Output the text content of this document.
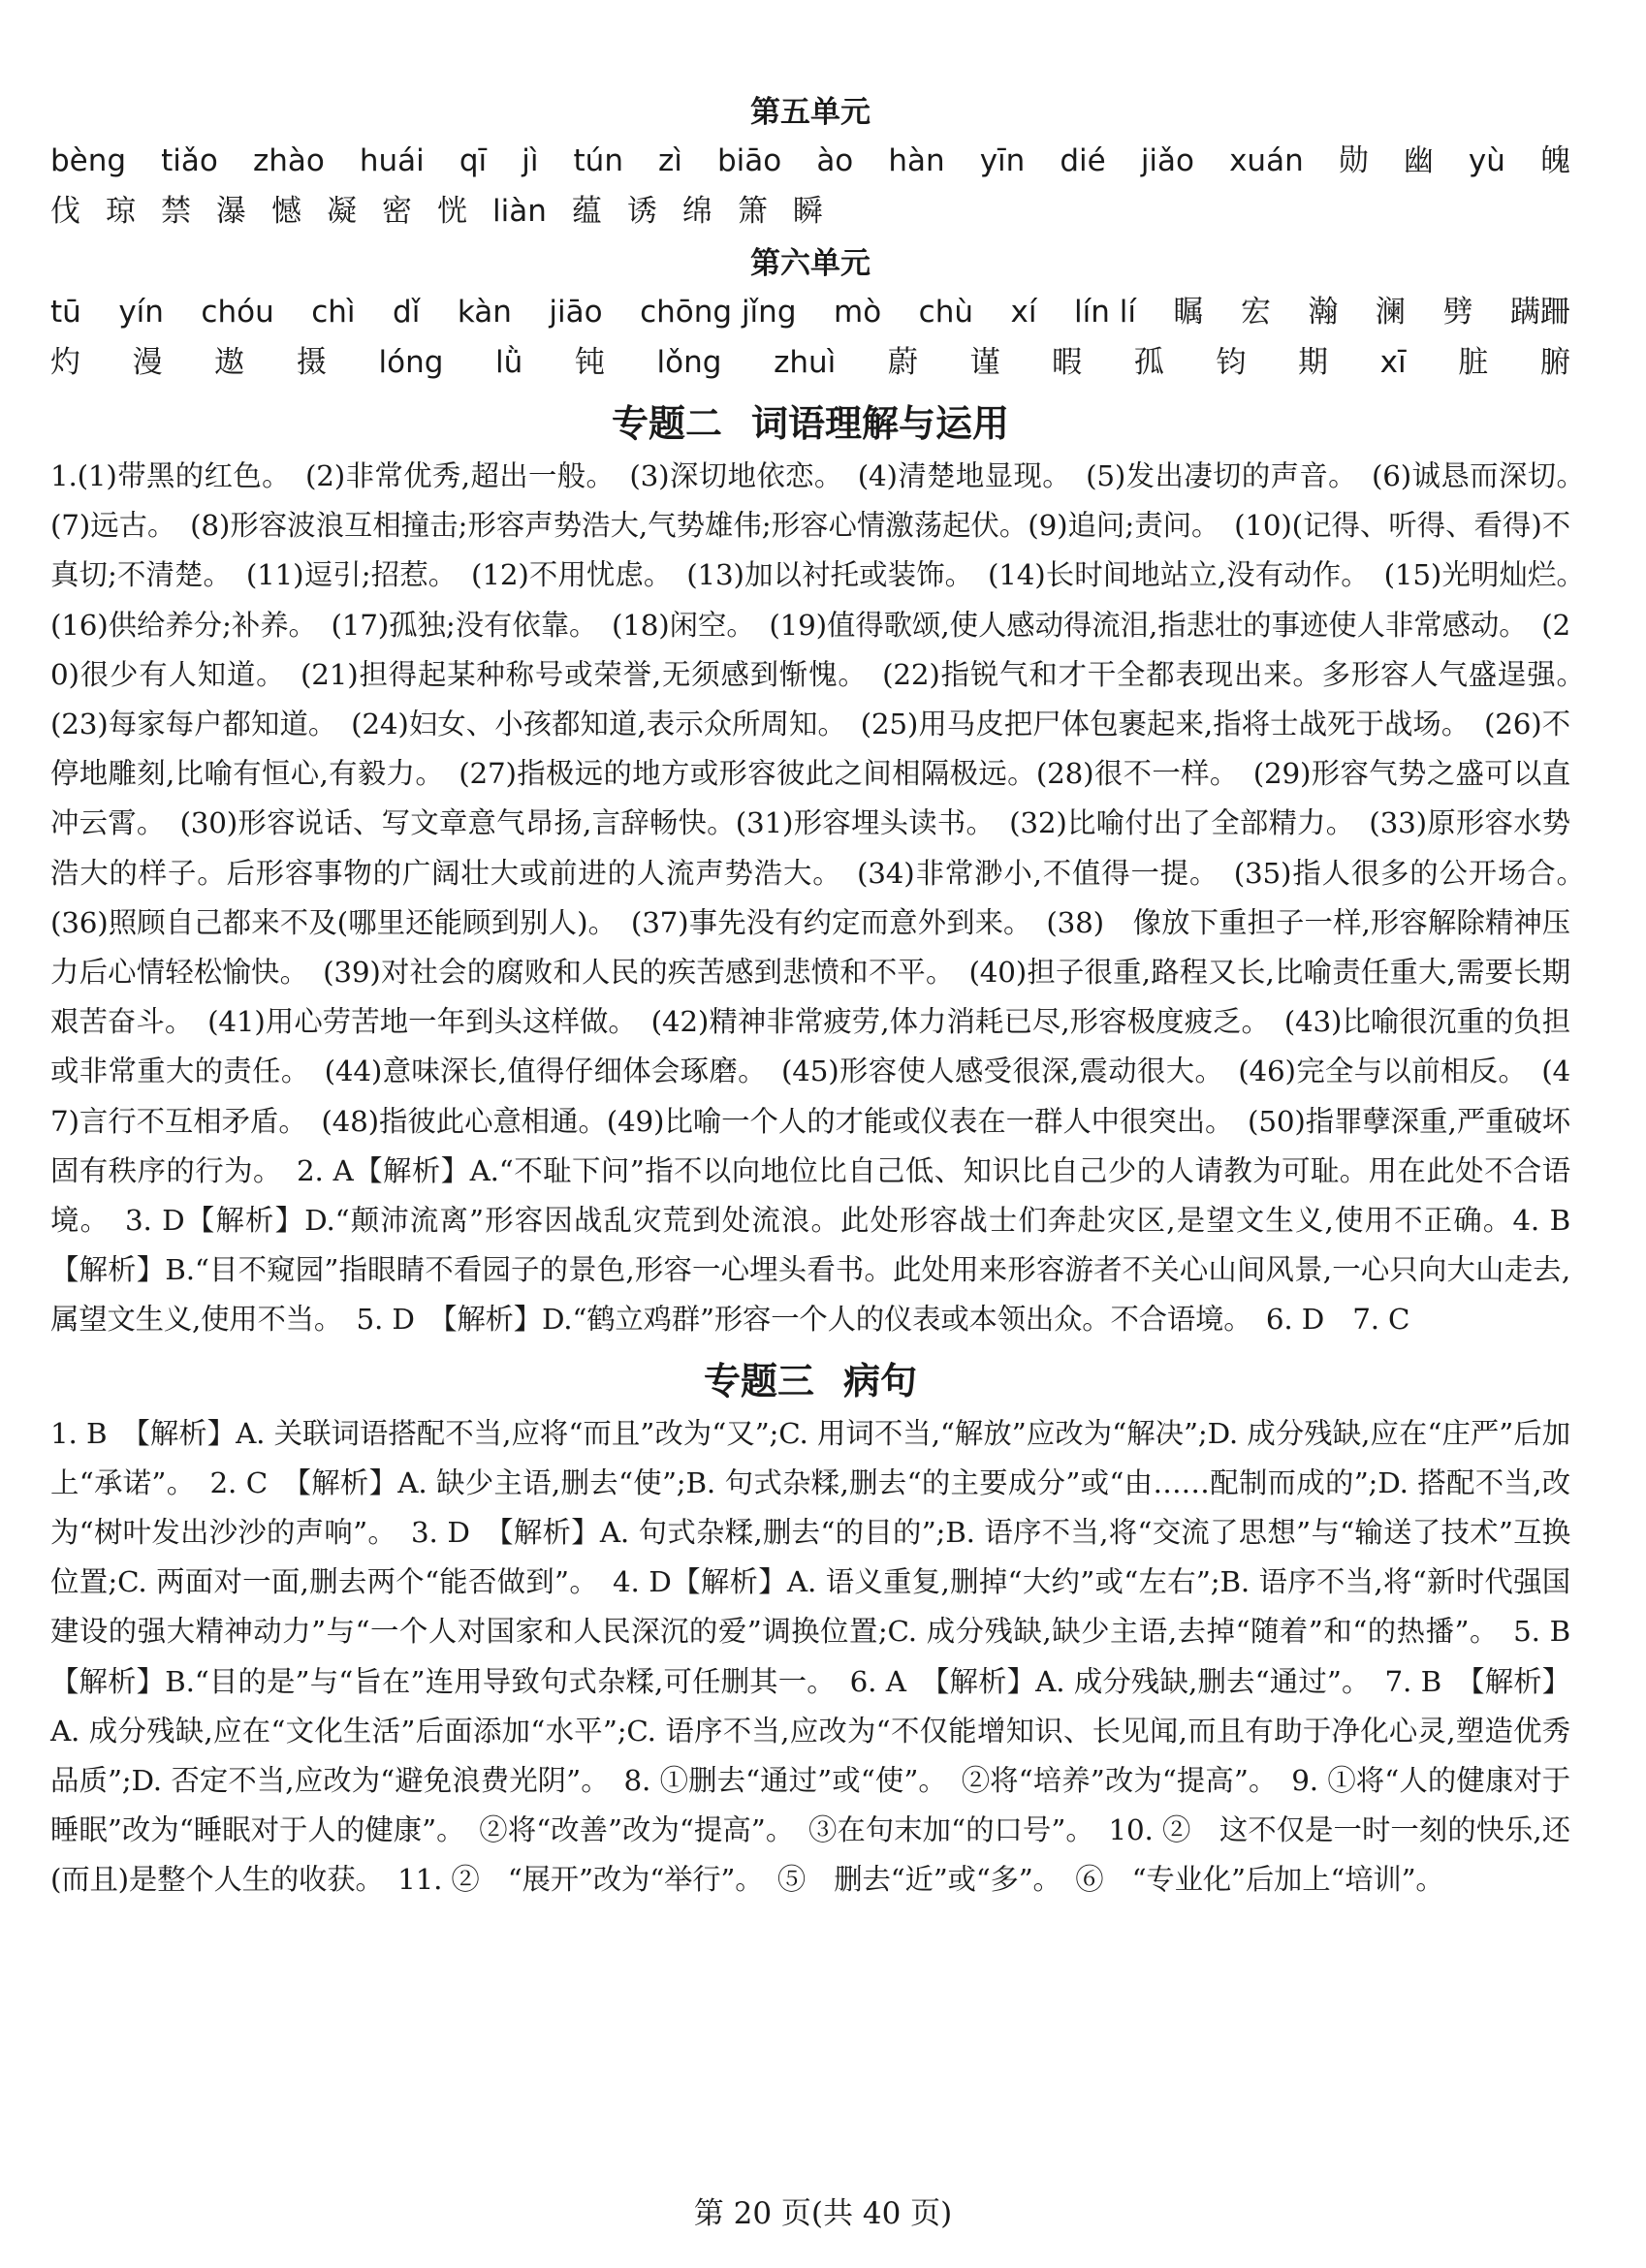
第五单元
bèng tiǎo zhào huái qī jì tún zì biāo ào hàn yīn dié jiǎo xuán 勋 幽 yù 魄
伐 琼 禁 瀑 憾 凝 密 恍 liàn 蕴 诱 绵 箫 瞬
第六单元
tū yín chóu chì dǐ kàn jiāo chōng jǐng mò chù xí lín lí 瞩 宏 瀚 澜 劈 蹒跚
灼 漫 遨 摄 lóng lǜ 钝 lǒng zhuì 蔚 谨 暇 孤 钧 期 xī 脏 腑
专题二 词语理解与运用
1.(1)带黑的红色。　(2)非常优秀,超出一般。　(3)深切地依恋。　(4)清楚地显现。　(5)发出凄切的声音。　(6)诚恳而深切。　(7)远古。　(8)形容波浪互相撞击;形容声势浩大,气势雄伟;形容心情激荡起伏。(9)追问;责问。　(10)(记得、听得、看得)不真切;不清楚。　(11)逗引;招惹。　(12)不用忧虑。　(13)加以衬托或装饰。　(14)长时间地站立,没有动作。　(15)光明灿烂。　(16)供给养分;补养。　(17)孤独;没有依靠。　(18)闲空。　(19)值得歌颂,使人感动得流泪,指悲壮的事迹使人非常感动。　(20)很少有人知道。　(21)担得起某种称号或荣誉,无须感到惭愧。　(22)指锐气和才干全都表现出来。多形容人气盛逞强。　(23)每家每户都知道。　(24)妇女、小孩都知道,表示众所周知。　(25)用马皮把尸体包裹起来,指将士战死于战场。　(26)不停地雕刻,比喻有恒心,有毅力。　(27)指极远的地方或形容彼此之间相隔极远。(28)很不一样。　(29)形容气势之盛可以直冲云霄。　(30)形容说话、写文章意气昂扬,言辞畅快。(31)形容埋头读书。　(32)比喻付出了全部精力。　(33)原形容水势浩大的样子。后形容事物的广阔壮大或前进的人流声势浩大。　(34)非常渺小,不值得一提。　(35)指人很多的公开场合。　(36)照顾自己都来不及(哪里还能顾到别人)。　(37)事先没有约定而意外到来。　(38)　像放下重担子一样,形容解除精神压力后心情轻松愉快。　(39)对社会的腐败和人民的疾苦感到悲愤和不平。　(40)担子很重,路程又长,比喻责任重大,需要长期艰苦奋斗。　(41)用心劳苦地一年到头这样做。　(42)精神非常疲劳,体力消耗已尽,形容极度疲乏。　(43)比喻很沉重的负担或非常重大的责任。　(44)意味深长,值得仔细体会琢磨。　(45)形容使人感受很深,震动很大。　(46)完全与以前相反。　(47)言行不互相矛盾。　(48)指彼此心意相通。(49)比喻一个人的才能或仪表在一群人中很突出。　(50)指罪孽深重,严重破坏固有秩序的行为。　2. A【解析】A.“不耻下问”指不以向地位比自己低、知识比自己少的人请教为可耻。用在此处不合语境。　3. D【解析】D.“颠沛流离”形容因战乱灾荒到处流浪。此处形容战士们奔赴灾区,是望文生义,使用不正确。4. B　【解析】B.“目不窥园”指眼睛不看园子的景色,形容一心埋头看书。此处用来形容游者不关心山间风景,一心只向大山走去,属望文生义,使用不当。　5. D　【解析】D.“鹤立鸡群”形容一个人的仪表或本领出众。不合语境。　6. D　7. C
专题三 病句
1. B　【解析】A. 关联词语搭配不当,应将“而且”改为“又”;C. 用词不当,“解放”应改为“解决”;D. 成分残缺,应在“庄严”后加上“承诺”。　2. C　【解析】A. 缺少主语,删去“使”;B. 句式杂糅,删去“的主要成分”或“由……配制而成的”;D. 搭配不当,改为“树叶发出沙沙的声响”。　3. D　【解析】A. 句式杂糅,删去“的目的”;B. 语序不当,将“交流了思想”与“输送了技术”互换位置;C. 两面对一面,删去两个“能否做到”。　4. D【解析】A. 语义重复,删掉“大约”或“左右”;B. 语序不当,将“新时代强国建设的强大精神动力”与“一个人对国家和人民深沉的爱”调换位置;C. 成分残缺,缺少主语,去掉“随着”和“的热播”。　5. B　【解析】B.“目的是”与“旨在”连用导致句式杂糅,可任删其一。　6. A　【解析】A. 成分残缺,删去“通过”。　7. B　【解析】A. 成分残缺,应在“文化生活”后面添加“水平”;C. 语序不当,应改为“不仅能增知识、长见闻,而且有助于净化心灵,塑造优秀品质”;D. 否定不当,应改为“避免浪费光阴”。　8. ①删去“通过”或“使”。　②将“培养”改为“提高”。　9. ①将“人的健康对于睡眠”改为“睡眠对于人的健康”。　②将“改善”改为“提高”。　③在句末加“的口号”。　10. ②　这不仅是一时一刻的快乐,还(而且)是整个人生的收获。　11. ②　“展开”改为“举行”。　⑤　删去“近”或“多”。　⑥　“专业化”后加上“培训”。
第 20 页(共 40 页)
